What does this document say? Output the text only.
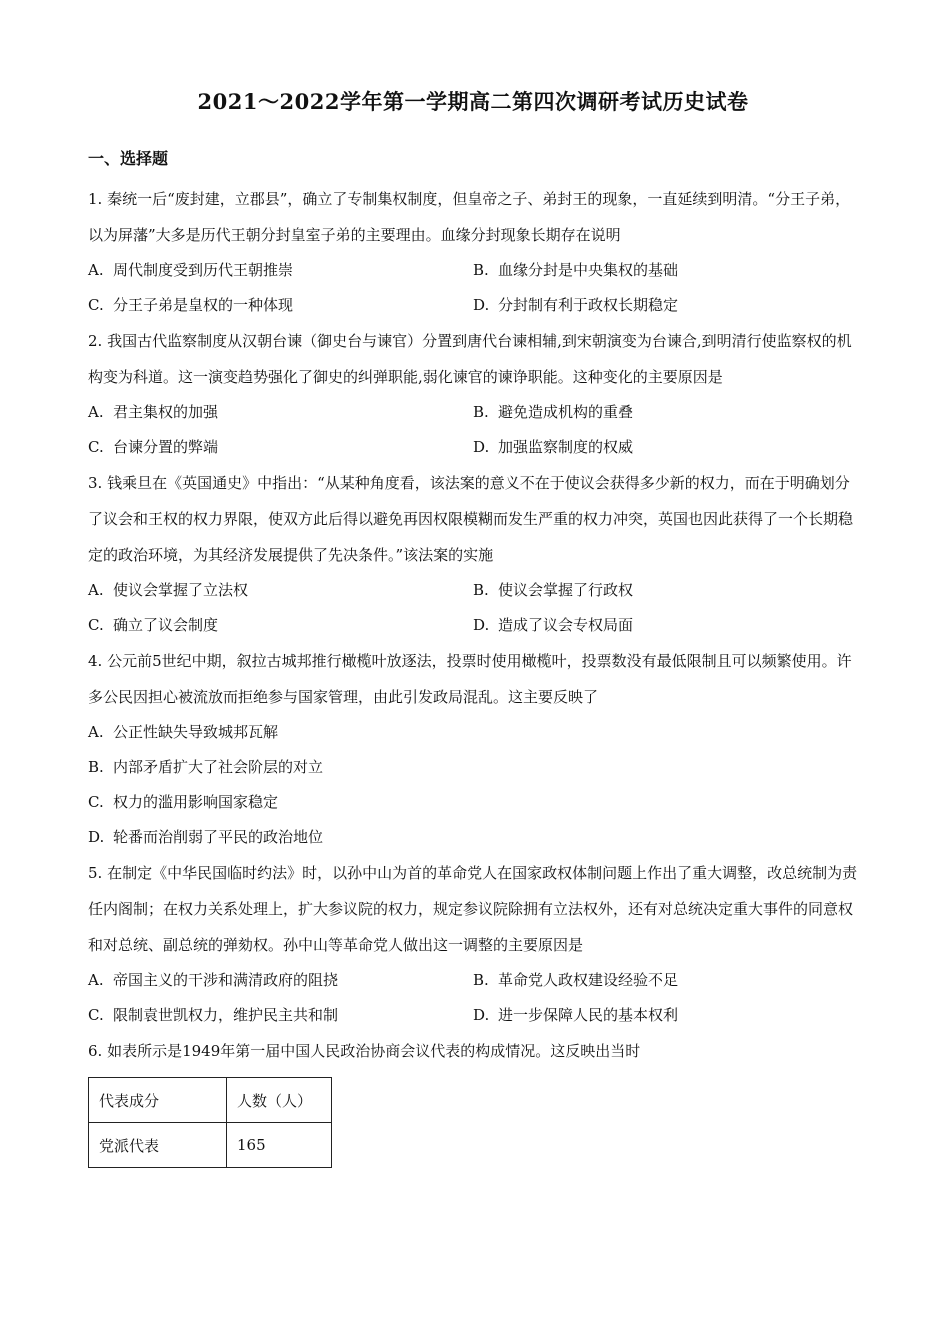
2021～2022学年第一学期高二第四次调研考试历史试卷
一、选择题

1. 秦统一后“废封建，立郡县”，确立了专制集权制度，但皇帝之子、弟封王的现象，一直延续到明清。“分王子弟，以为屏藩”大多是历代王朝分封皇室子弟的主要理由。血缘分封现象长期存在说明

A. 周代制度受到历代王朝推崇	B. 血缘分封是中央集权的基础
C. 分王子弟是皇权的一种体现	D. 分封制有利于政权长期稳定

2. 我国古代监察制度从汉朝台谏（御史台与谏官）分置到唐代台谏相辅,到宋朝演变为台谏合,到明清行使监察权的机构变为科道。这一演变趋势强化了御史的纠弹职能,弱化谏官的谏诤职能。这种变化的主要原因是

A. 君主集权的加强	B. 避免造成机构的重叠
C. 台谏分置的弊端	D. 加强监察制度的权威

3. 钱乘旦在《英国通史》中指出：“从某种角度看，该法案的意义不在于使议会获得多少新的权力，而在于明确划分了议会和王权的权力界限，使双方此后得以避免再因权限模糊而发生严重的权力冲突，英国也因此获得了一个长期稳定的政治环境，为其经济发展提供了先决条件。”该法案的实施

A. 使议会掌握了立法权	B. 使议会掌握了行政权
C. 确立了议会制度	D. 造成了议会专权局面

4. 公元前5世纪中期，叙拉古城邦推行橄榄叶放逐法，投票时使用橄榄叶，投票数没有最低限制且可以频繁使用。许多公民因担心被流放而拒绝参与国家管理，由此引发政局混乱。这主要反映了

A. 公正性缺失导致城邦瓦解
B. 内部矛盾扩大了社会阶层的对立
C. 权力的滥用影响国家稳定
D. 轮番而治削弱了平民的政治地位

5. 在制定《中华民国临时约法》时，以孙中山为首的革命党人在国家政权体制问题上作出了重大调整，改总统制为责任内阁制；在权力关系处理上，扩大参议院的权力，规定参议院除拥有立法权外，还有对总统决定重大事件的同意权和对总统、副总统的弹劾权。孙中山等革命党人做出这一调整的主要原因是

A. 帝国主义的干涉和满清政府的阻挠	B. 革命党人政权建设经验不足
C. 限制袁世凯权力，维护民主共和制	D. 进一步保障人民的基本权利

6. 如表所示是1949年第一届中国人民政治协商会议代表的构成情况。这反映出当时

代表成分	人数（人）
党派代表	165
